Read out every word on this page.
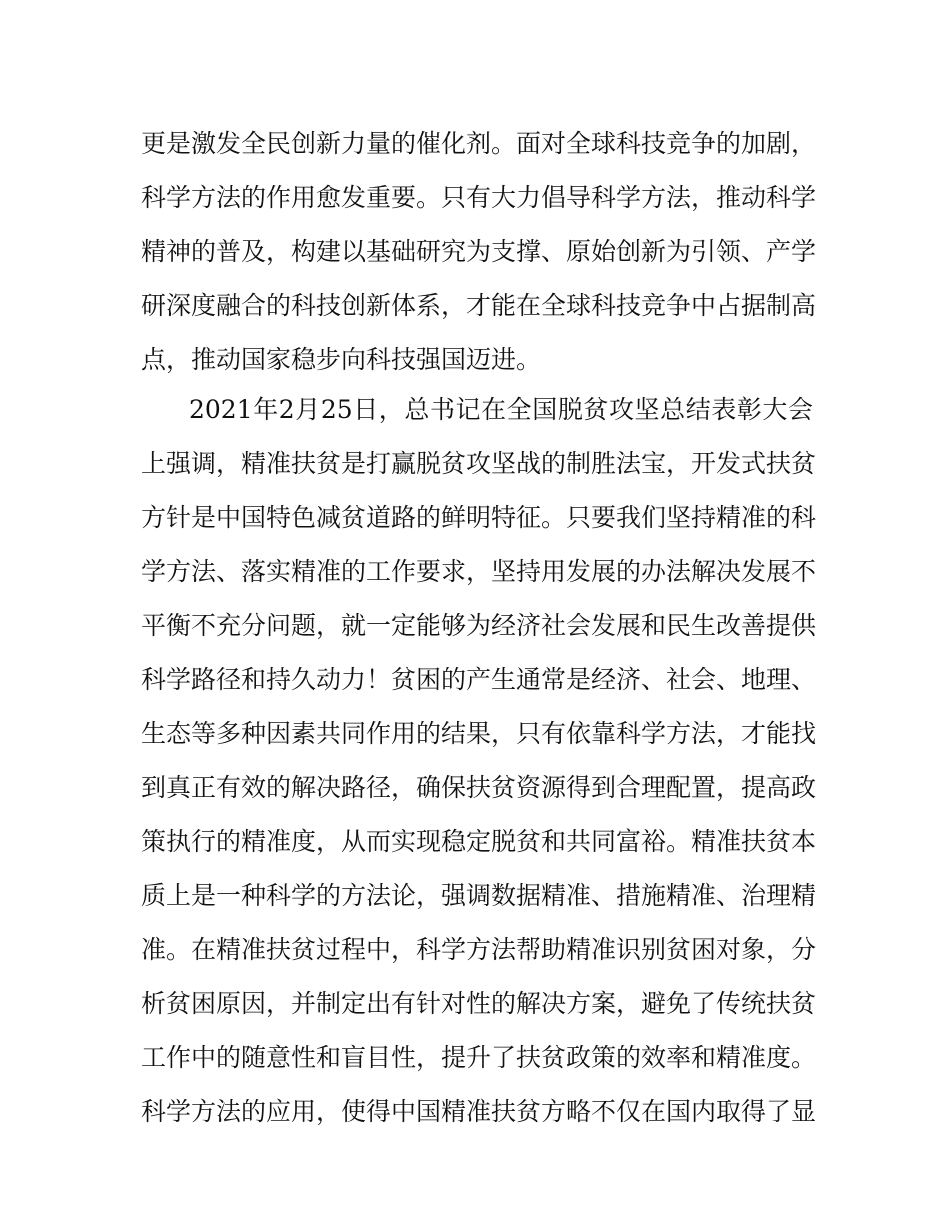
更是激发全民创新力量的催化剂。面对全球科技竞争的加剧，
科学方法的作用愈发重要。只有大力倡导科学方法，推动科学
精神的普及，构建以基础研究为支撑、原始创新为引领、产学
研深度融合的科技创新体系，才能在全球科技竞争中占据制高
点，推动国家稳步向科技强国迈进。
2021年2月25日，总书记在全国脱贫攻坚总结表彰大会
上强调，精准扶贫是打赢脱贫攻坚战的制胜法宝，开发式扶贫
方针是中国特色减贫道路的鲜明特征。只要我们坚持精准的科
学方法、落实精准的工作要求，坚持用发展的办法解决发展不
平衡不充分问题，就一定能够为经济社会发展和民生改善提供
科学路径和持久动力！贫困的产生通常是经济、社会、地理、
生态等多种因素共同作用的结果，只有依靠科学方法，才能找
到真正有效的解决路径，确保扶贫资源得到合理配置，提高政
策执行的精准度，从而实现稳定脱贫和共同富裕。精准扶贫本
质上是一种科学的方法论，强调数据精准、措施精准、治理精
准。在精准扶贫过程中，科学方法帮助精准识别贫困对象，分
析贫困原因，并制定出有针对性的解决方案，避免了传统扶贫
工作中的随意性和盲目性，提升了扶贫政策的效率和精准度。
科学方法的应用，使得中国精准扶贫方略不仅在国内取得了显
